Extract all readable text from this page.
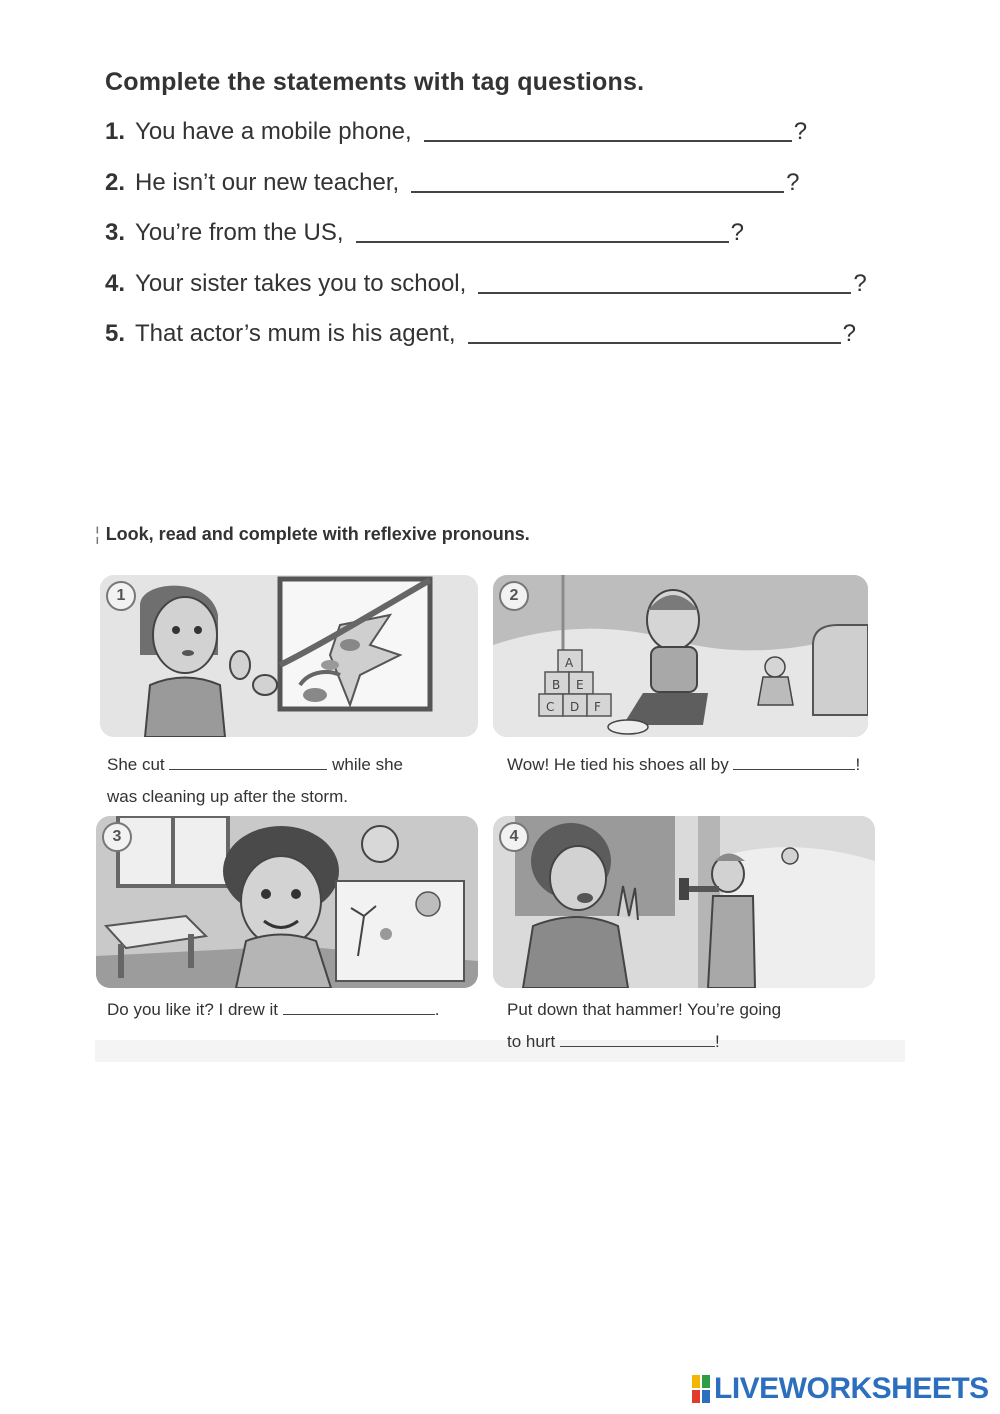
Complete the statements with tag questions.
1. You have a mobile phone,	?
2. He isn’t our new teacher,	?
3. You’re from the US,	?
4. Your sister takes you to school,	?
5. That actor’s mum is his agent,	?
¦ Look, read and complete with reflexive pronouns.
1
A
B E
C D F
2
She cut	while she
was cleaning up after the storm.
Wow! He tied his shoes all by	!
3	4
Do you like it? I drew it	.	Put down that hammer! You’re going
to hurt	!
LIVEWORKSHEETS
